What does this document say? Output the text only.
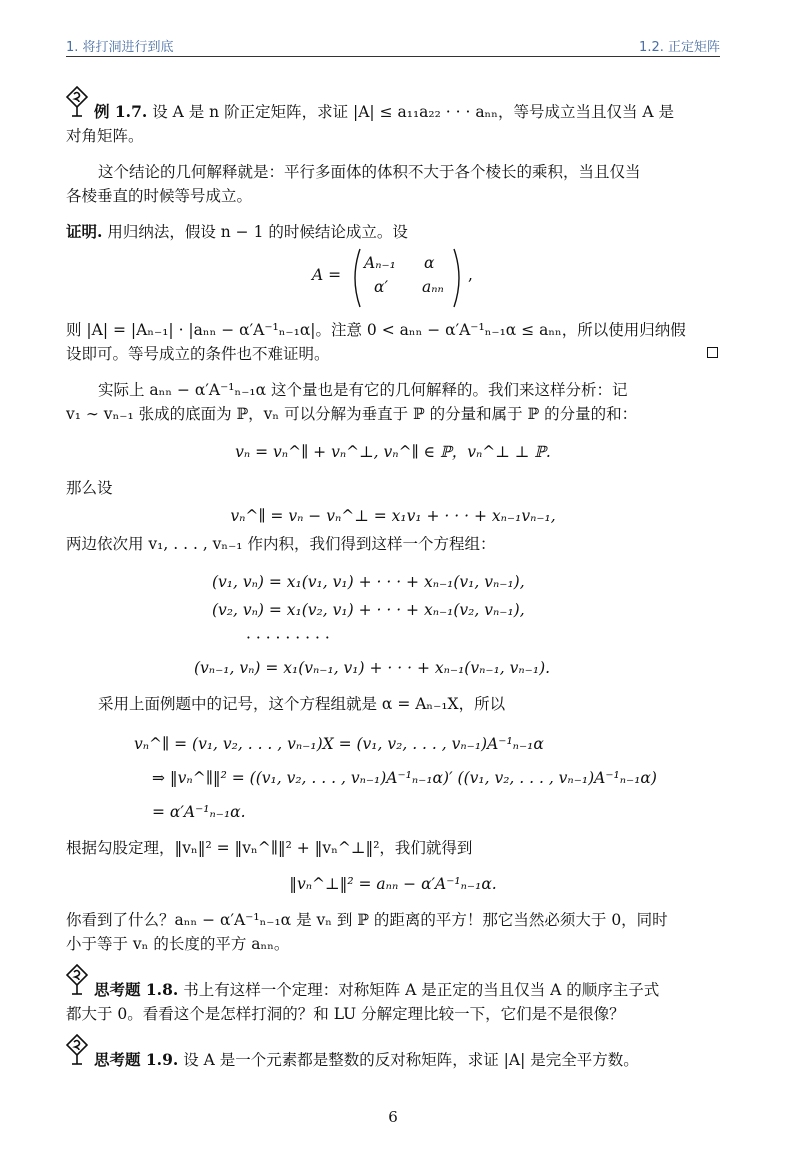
1. 将打洞进行到底	1.2. 正定矩阵

例 1.7. 设 A 是 n 阶正定矩阵，求证 |A| ≤ a₁₁a₂₂ · · · aₙₙ，等号成立当且仅当 A 是

对角矩阵。

这个结论的几何解释就是：平行多面体的体积不大于各个棱长的乘积，当且仅当

各棱垂直的时候等号成立。

证明. 用归纳法，假设 n − 1 的时候结论成立。设

A =
Aₙ₋₁ α
α′ aₙₙ
,

则 |A| = |Aₙ₋₁| · |aₙₙ − α′A⁻¹ₙ₋₁α|。注意 0 < aₙₙ − α′A⁻¹ₙ₋₁α ≤ aₙₙ，所以使用归纳假

设即可。等号成立的条件也不难证明。

实际上 aₙₙ − α′A⁻¹ₙ₋₁α 这个量也是有它的几何解释的。我们来这样分析：记

v₁ ∼ vₙ₋₁ 张成的底面为 ℙ，vₙ 可以分解为垂直于 ℙ 的分量和属于 ℙ 的分量的和：

vₙ = vₙ^∥ + vₙ^⊥, vₙ^∥ ∈ ℙ，vₙ^⊥ ⊥ ℙ.

那么设

vₙ^∥ = vₙ − vₙ^⊥ = x₁v₁ + · · · + xₙ₋₁vₙ₋₁,

两边依次用 v₁, . . . , vₙ₋₁ 作内积，我们得到这样一个方程组：

(v₁, vₙ) = x₁(v₁, v₁) + · · · + xₙ₋₁(v₁, vₙ₋₁),
(v₂, vₙ) = x₁(v₂, v₁) + · · · + xₙ₋₁(v₂, vₙ₋₁),
· · · · · · · · ·
(vₙ₋₁, vₙ) = x₁(vₙ₋₁, v₁) + · · · + xₙ₋₁(vₙ₋₁, vₙ₋₁).

采用上面例题中的记号，这个方程组就是 α = Aₙ₋₁X，所以

vₙ^∥ = (v₁, v₂, . . . , vₙ₋₁)X = (v₁, v₂, . . . , vₙ₋₁)A⁻¹ₙ₋₁α
⇒ ‖vₙ^∥‖² = ((v₁, v₂, . . . , vₙ₋₁)A⁻¹ₙ₋₁α)′ ((v₁, v₂, . . . , vₙ₋₁)A⁻¹ₙ₋₁α)
= α′A⁻¹ₙ₋₁α.

根据勾股定理，‖vₙ‖² = ‖vₙ^∥‖² + ‖vₙ^⊥‖²，我们就得到

‖vₙ^⊥‖² = aₙₙ − α′A⁻¹ₙ₋₁α.

你看到了什么？aₙₙ − α′A⁻¹ₙ₋₁α 是 vₙ 到 ℙ 的距离的平方！那它当然必须大于 0，同时

小于等于 vₙ 的长度的平方 aₙₙ。

思考题 1.8. 书上有这样一个定理：对称矩阵 A 是正定的当且仅当 A 的顺序主子式

都大于 0。看看这个是怎样打洞的？和 LU 分解定理比较一下，它们是不是很像？

思考题 1.9. 设 A 是一个元素都是整数的反对称矩阵，求证 |A| 是完全平方数。

6
